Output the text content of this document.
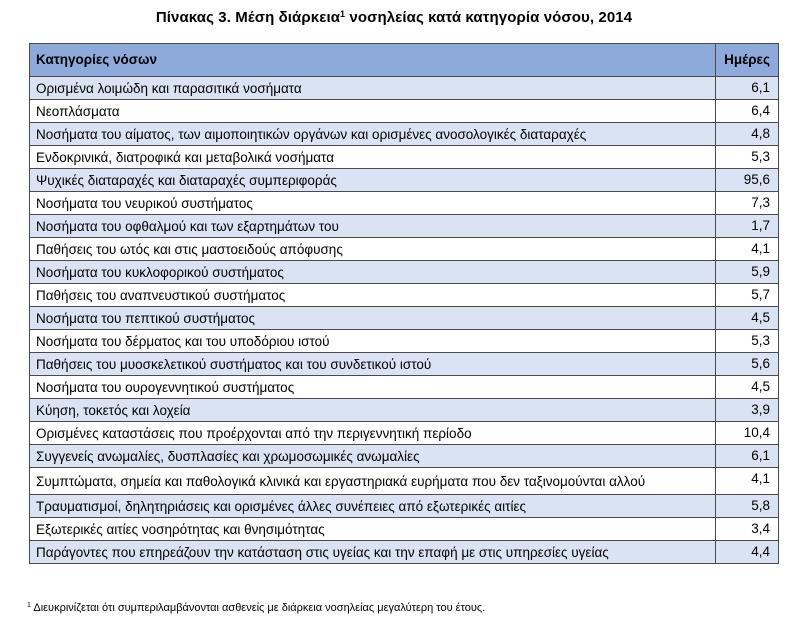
Πίνακας 3. Μέση διάρκεια$^1$ νοσηλείας κατά κατηγορία νόσου, 2014
Κατηγορίες νόσων	Ημέρες
Ορισμένα λοιμώδη και παρασιτικά νοσήματα	6,1
Νεοπλάσματα	6,4
Νοσήματα του αίματος, των αιμοποιητικών οργάνων και ορισμένες ανοσολογικές διαταραχές	4,8
Ενδοκρινικά, διατροφικά και μεταβολικά νοσήματα	5,3
Ψυχικές διαταραχές και διαταραχές συμπεριφοράς	95,6
Νοσήματα του νευρικού συστήματος	7,3
Νοσήματα του οφθαλμού και των εξαρτημάτων του	1,7
Παθήσεις του ωτός και στις μαστοειδούς απόφυσης	4,1
Νοσήματα του κυκλοφορικού συστήματος	5,9
Παθήσεις του αναπνευστικού συστήματος	5,7
Νοσήματα του πεπτικού συστήματος	4,5
Νοσήματα του δέρματος και του υποδόριου ιστού	5,3
Παθήσεις του μυοσκελετικού συστήματος και του συνδετικού ιστού	5,6
Νοσήματα του ουρογεννητικού συστήματος	4,5
Κύηση, τοκετός και λοχεία	3,9
Ορισμένες καταστάσεις που προέρχονται από την περιγεννητική περίοδο	10,4
Συγγενείς ανωμαλίες, δυσπλασίες και χρωμοσωμικές ανωμαλίες	6,1
Συμπτώματα, σημεία και παθολογικά κλινικά και εργαστηριακά ευρήματα που δεν ταξινομούνται αλλού	4,1
Τραυματισμοί, δηλητηριάσεις και ορισμένες άλλες συνέπειες από εξωτερικές αιτίες	5,8
Εξωτερικές αιτίες νοσηρότητας και θνησιμότητας	3,4
Παράγοντες που επηρεάζουν την κατάσταση στις υγείας και την επαφή με στις υπηρεσίες υγείας	4,4
$^1$ Διευκρινίζεται ότι συμπεριλαμβάνονται ασθενείς με διάρκεια νοσηλείας μεγαλύτερη του έτους.
